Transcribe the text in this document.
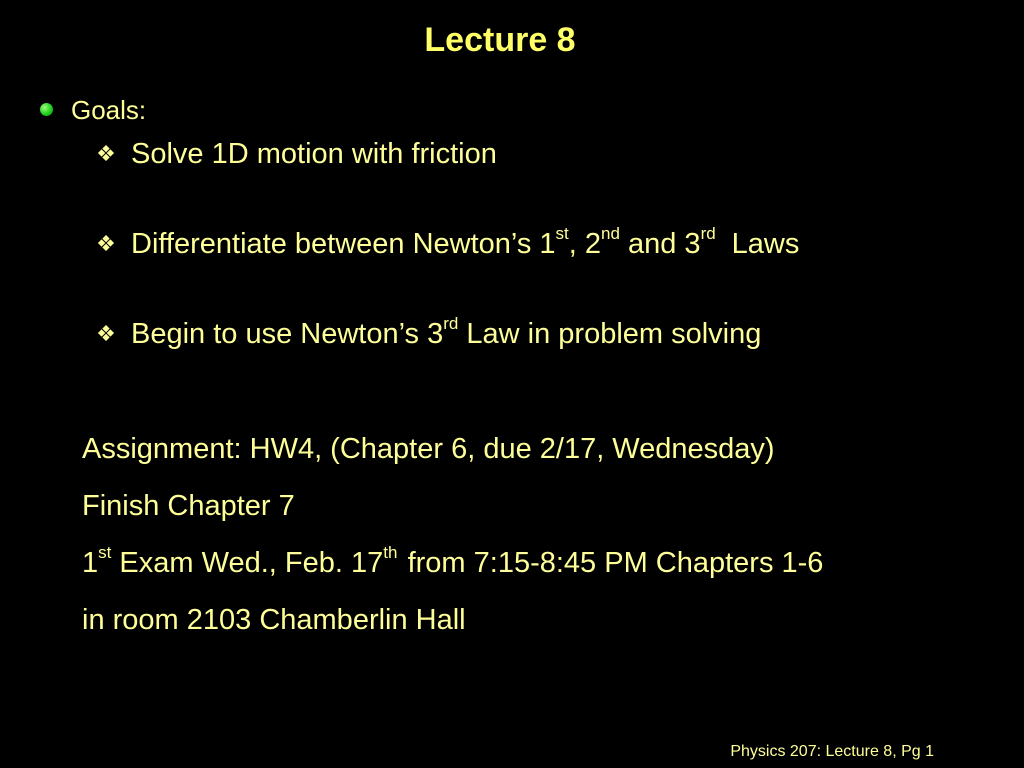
Lecture 8
Goals:
❖ Solve 1D motion with friction
❖ Differentiate between Newton’s 1st, 2nd and 3rd Laws
❖ Begin to use Newton’s 3rd Law in problem solving
Assignment: HW4, (Chapter 6, due 2/17, Wednesday)
Finish Chapter 7
1st Exam Wed., Feb. 17th from 7:15-8:45 PM Chapters 1-6
in room 2103 Chamberlin Hall
Physics 207: Lecture 8, Pg 1
